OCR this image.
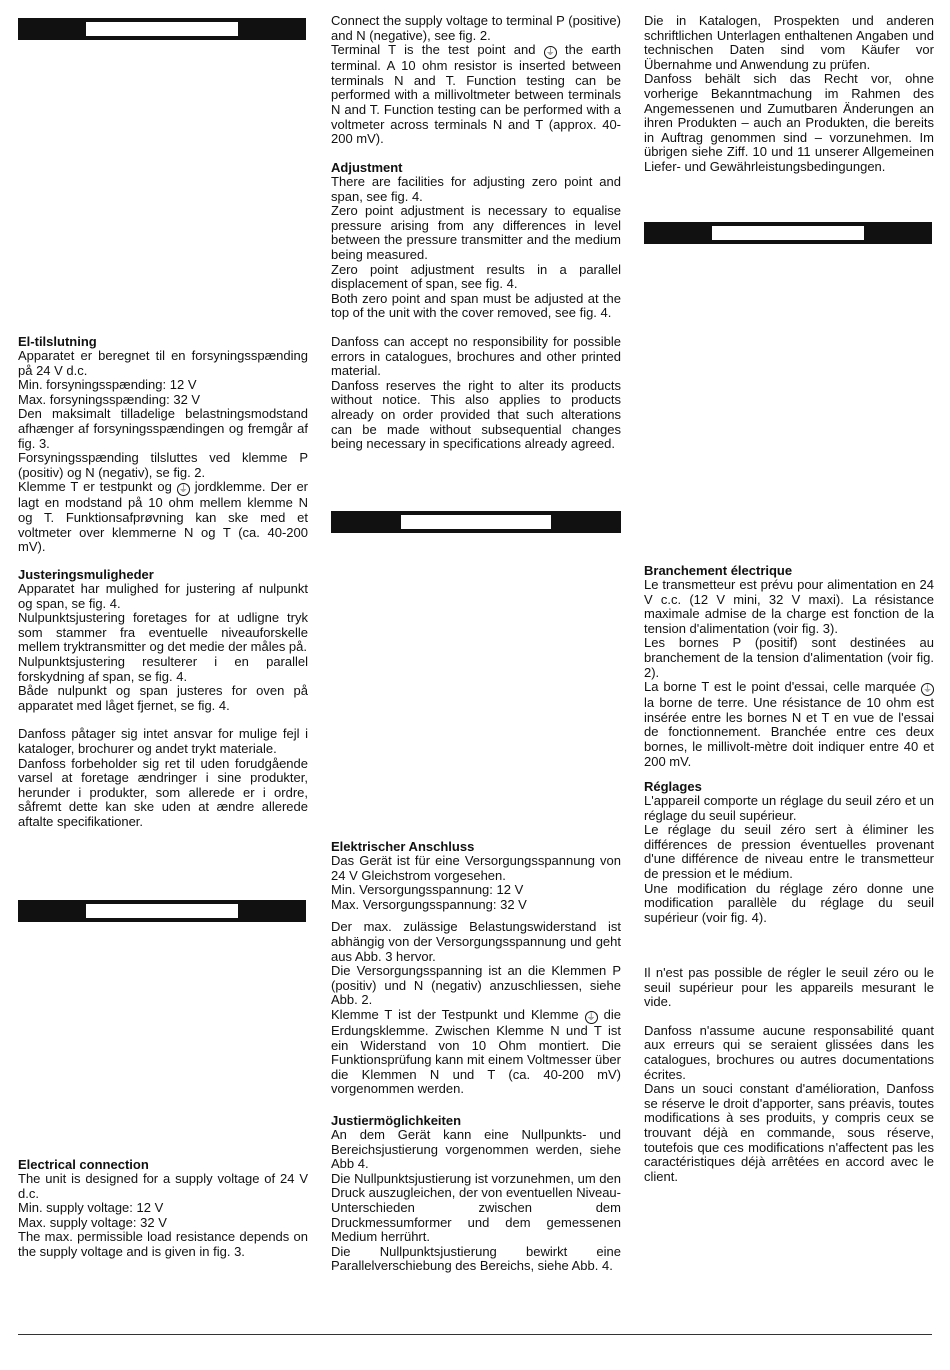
El-tilslutning

Apparatet er beregnet til en forsyningsspænding på 24 V d.c.

Min. forsyningsspænding: 12 V

Max. forsyningsspænding: 32 V

Den maksimalt tilladelige belastningsmodstand afhænger af forsyningsspændingen og fremgår af fig. 3.

Forsyningsspænding tilsluttes ved klemme P (positiv) og N (negativ), se fig. 2.

Klemme T er testpunkt og ⏚ jordklemme. Der er lagt en modstand på 10 ohm mellem klemme N og T. Funktionsafprøvning kan ske med et voltmeter over klemmerne N og T (ca. 40-200 mV).

Justeringsmuligheder

Apparatet har mulighed for justering af nulpunkt og span, se fig. 4.

Nulpunktsjustering foretages for at udligne tryk som stammer fra eventuelle niveauforskelle mellem tryktransmitter og det medie der måles på.

Nulpunktsjustering resulterer i en parallel forskydning af span, se fig. 4.

Både nulpunkt og span justeres for oven på apparatet med låget fjernet, se fig. 4.

Danfoss påtager sig intet ansvar for mulige fejl i kataloger, brochurer og andet trykt materiale.

Danfoss forbeholder sig ret til uden forudgående varsel at foretage ændringer i sine produkter, herunder i produkter, som allerede er i ordre, såfremt dette kan ske uden at ændre allerede aftalte specifikationer.

Electrical connection

The unit is designed for a supply voltage of 24 V d.c.

Min. supply voltage: 12 V

Max. supply voltage: 32 V

The max. permissible load resistance depends on the supply voltage and is given in fig. 3.

Connect the supply voltage to terminal P (positive) and N (negative), see fig. 2.

Terminal T is the test point and ⏚ the earth terminal. A 10 ohm resistor is inserted between terminals N and T. Function testing can be performed with a millivoltmeter between terminals N and T. Function testing can be performed with a voltmeter across terminals N and T (approx. 40-200 mV).

Adjustment

There are facilities for adjusting zero point and span, see fig. 4.

Zero point adjustment is necessary to equalise pressure arising from any differences in level between the pressure transmitter and the medium being measured.

Zero point adjustment results in a parallel displacement of span, see fig. 4.

Both zero point and span must be adjusted at the top of the unit with the cover removed, see fig. 4.

Danfoss can accept no responsibility for possible errors in catalogues, brochures and other printed material.

Danfoss reserves the right to alter its products without notice. This also applies to products already on order provided that such alterations can be made without subsequential changes being necessary in specifications already agreed.

Elektrischer Anschluss

Das Gerät ist für eine Versorgungsspannung von 24 V Gleichstrom vorgesehen.

Min. Versorgungsspannung: 12 V

Max. Versorgungsspannung: 32 V

Der max. zulässige Belastungswiderstand ist abhängig von der Versorgungsspannung und geht aus Abb. 3 hervor.

Die Versorgungsspanning ist an die Klemmen P (positiv) und N (negativ) anzuschliessen, siehe Abb. 2.

Klemme T ist der Testpunkt und Klemme ⏚ die Erdungsklemme. Zwischen Klemme N und T ist ein Widerstand von 10 Ohm montiert. Die Funktionsprüfung kann mit einem Voltmesser über die Klemmen N und T (ca. 40-200 mV) vorgenommen werden.

Justiermöglichkeiten

An dem Gerät kann eine Nullpunkts- und Bereichsjustierung vorgenommen werden, siehe Abb 4.

Die Nullpunktsjustierung ist vorzunehmen, um den Druck auszugleichen, der von eventuellen Niveau-Unterschieden zwischen dem Druckmessumformer und dem gemessenen Medium herrührt.

Die Nullpunktsjustierung bewirkt eine Parallelverschiebung des Bereichs, siehe Abb. 4.

Die in Katalogen, Prospekten und anderen schriftlichen Unterlagen enthaltenen Angaben und technischen Daten sind vom Käufer vor Übernahme und Anwendung zu prüfen.

Danfoss behält sich das Recht vor, ohne vorherige Bekanntmachung im Rahmen des Angemessenen und Zumutbaren Änderungen an ihren Produkten – auch an Produkten, die bereits in Auftrag genommen sind – vorzunehmen. Im übrigen siehe Ziff. 10 und 11 unserer Allgemeinen Liefer- und Gewährleistungsbedingungen.

Branchement électrique

Le transmetteur est prévu pour alimentation en 24 V c.c. (12 V mini, 32 V maxi). La résistance maximale admise de la charge est fonction de la tension d'alimentation (voir fig. 3).

Les bornes P (positif) sont destinées au branchement de la tension d'alimentation (voir fig. 2).

La borne T est le point d'essai, celle marquée ⏚ la borne de terre. Une résistance de 10 ohm est insérée entre les bornes N et T en vue de l'essai de fonctionnement. Branchée entre ces deux bornes, le millivolt-mètre doit indiquer entre 40 et 200 mV.

Réglages

L'appareil comporte un réglage du seuil zéro et un réglage du seuil supérieur.

Le réglage du seuil zéro sert à éliminer les différences de pression éventuelles provenant d'une différence de niveau entre le transmetteur de pression et le médium.

Une modification du réglage zéro donne une modification parallèle du réglage du seuil supérieur (voir fig. 4).

Il n'est pas possible de régler le seuil zéro ou le seuil supérieur pour les appareils mesurant le vide.

Danfoss n'assume aucune responsabilité quant aux erreurs qui se seraient glissées dans les catalogues, brochures ou autres documentations écrites.

Dans un souci constant d'amélioration, Danfoss se réserve le droit d'apporter, sans préavis, toutes modifications à ses produits, y compris ceux se trouvant déjà en commande, sous réserve, toutefois que ces modifications n'affectent pas les caractéristiques déjà arrêtées en accord avec le client.
